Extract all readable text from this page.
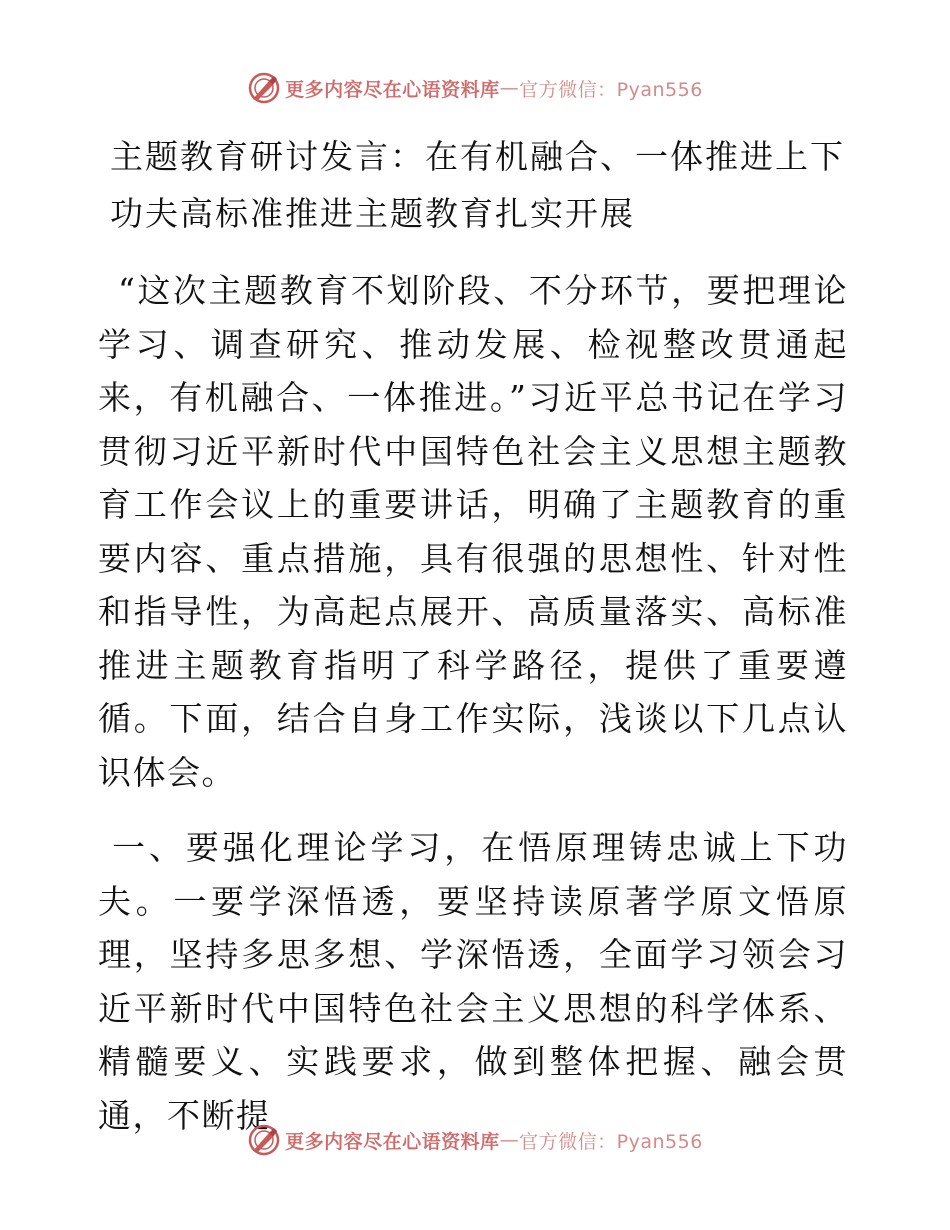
更多内容尽在心语资料库 — 官方微信：Pyan556
主题教育研讨发言：在有机融合、一体推进上下功夫高标准推进主题教育扎实开展

“这次主题教育不划阶段、不分环节，要把理论学习、调查研究、推动发展、检视整改贯通起来，有机融合、一体推进。”习近平总书记在学习贯彻习近平新时代中国特色社会主义思想主题教育工作会议上的重要讲话，明确了主题教育的重要内容、重点措施，具有很强的思想性、针对性和指导性，为高起点展开、高质量落实、高标准推进主题教育指明了科学路径，提供了重要遵循。下面，结合自身工作实际，浅谈以下几点认识体会。

一、要强化理论学习，在悟原理铸忠诚上下功夫。一要学深悟透，要坚持读原著学原文悟原理，坚持多思多想、学深悟透，全面学习领会习近平新时代中国特色社会主义思想的科学体系、精髓要义、实践要求，做到整体把握、融会贯通，不断提

更多内容尽在心语资料库 — 官方微信：Pyan556
